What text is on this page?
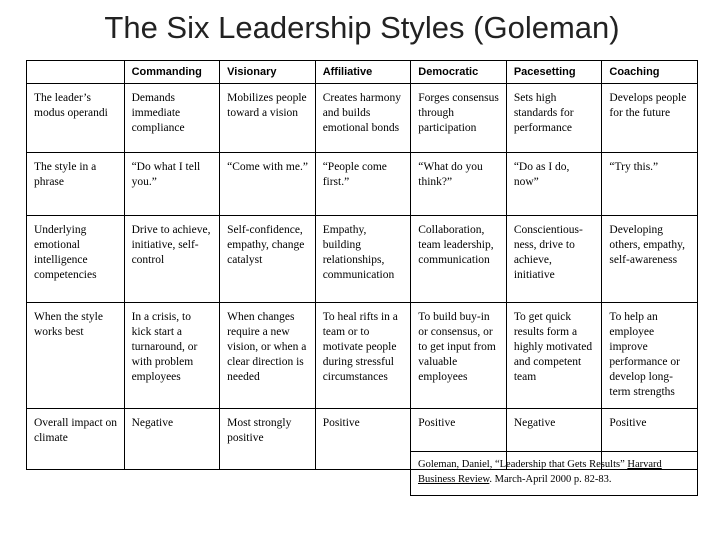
The Six Leadership Styles (Goleman)
	Commanding	Visionary	Affiliative	Democratic	Pacesetting	Coaching
The leader’s modus operandi	Demands immediate compliance	Mobilizes people toward a vision	Creates harmony and builds emotional bonds	Forges consensus through participation	Sets high standards for performance	Develops people for the future
The style in a phrase	“Do what I tell you.”	“Come with me.”	“People come first.”	“What do you think?”	“Do as I do, now”	“Try this.”
Underlying emotional intelligence competencies	Drive to achieve, initiative, self-control	Self-confidence, empathy, change catalyst	Empathy, building relationships, communication	Collaboration, team leadership, communication	Conscientious-ness, drive to achieve, initiative	Developing others, empathy, self-awareness
When the style works best	In a crisis, to kick start a turnaround, or with problem employees	When changes require a new vision, or when a clear direction is needed	To heal rifts in a team or to motivate people during stressful circumstances	To build buy-in or consensus, or to get input from valuable employees	To get quick results form a highly motivated and competent team	To help an employee improve performance or develop long-term strengths
Overall impact on climate	Negative	Most strongly positive	Positive	Positive	Negative	Positive
Goleman, Daniel, “Leadership that Gets Results” Harvard Business Review. March-April 2000 p. 82-83.
